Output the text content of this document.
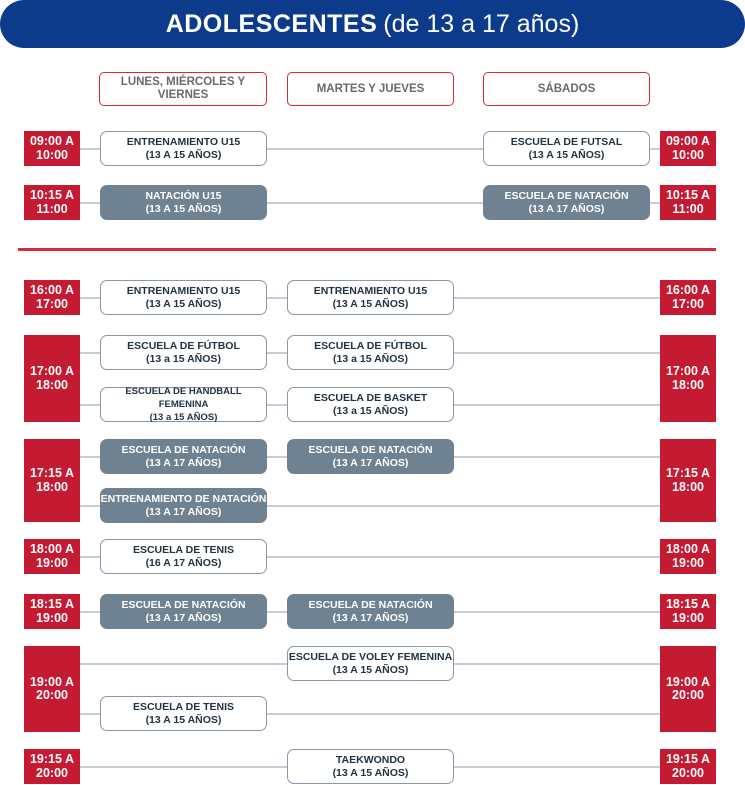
ADOLESCENTES (de 13 a 17 años)
LUNES, MIÉRCOLES Y VIERNES
MARTES Y JUEVES	SÁBADOS
09:00 A
10:00
10:15 A
11:00
16:00 A
17:00
17:00 A
18:00
17:15 A
18:00
18:00 A
19:00
18:15 A
19:00
19:00 A
20:00
19:15 A
20:00
09:00 A
10:00
10:15 A
11:00
16:00 A
17:00
17:00 A
18:00
17:15 A
18:00
18:00 A
19:00
18:15 A
19:00
19:00 A
20:00
19:15 A
20:00
ENTRENAMIENTO U15
(13 A 15 AÑOS)
ESCUELA DE FUTSAL
(13 A 15 AÑOS)
NATACIÓN U15
(13 A 15 AÑOS)
ESCUELA DE NATACIÓN
(13 A 17 AÑOS)
ENTRENAMIENTO U15
(13 A 15 AÑOS)
ENTRENAMIENTO U15
(13 A 15 AÑOS)
ESCUELA DE FÚTBOL
(13 a 15 AÑOS)
ESCUELA DE FÚTBOL
(13 a 15 AÑOS)
ESCUELA DE HANDBALL FEMENINA
(13 a 15 AÑOS)
ESCUELA DE BASKET
(13 a 15 AÑOS)
ESCUELA DE NATACIÓN
(13 A 17 AÑOS)
ESCUELA DE NATACIÓN
(13 A 17 AÑOS)
ENTRENAMIENTO DE NATACIÓN
(13 A 17 AÑOS)
ESCUELA DE TENIS
(16 A 17 AÑOS)
ESCUELA DE NATACIÓN
(13 A 17 AÑOS)
ESCUELA DE NATACIÓN
(13 A 17 AÑOS)
ESCUELA DE VOLEY FEMENINA
(13 A 15 AÑOS)
ESCUELA DE TENIS
(13 A 15 AÑOS)
TAEKWONDO
(13 A 15 AÑOS)
